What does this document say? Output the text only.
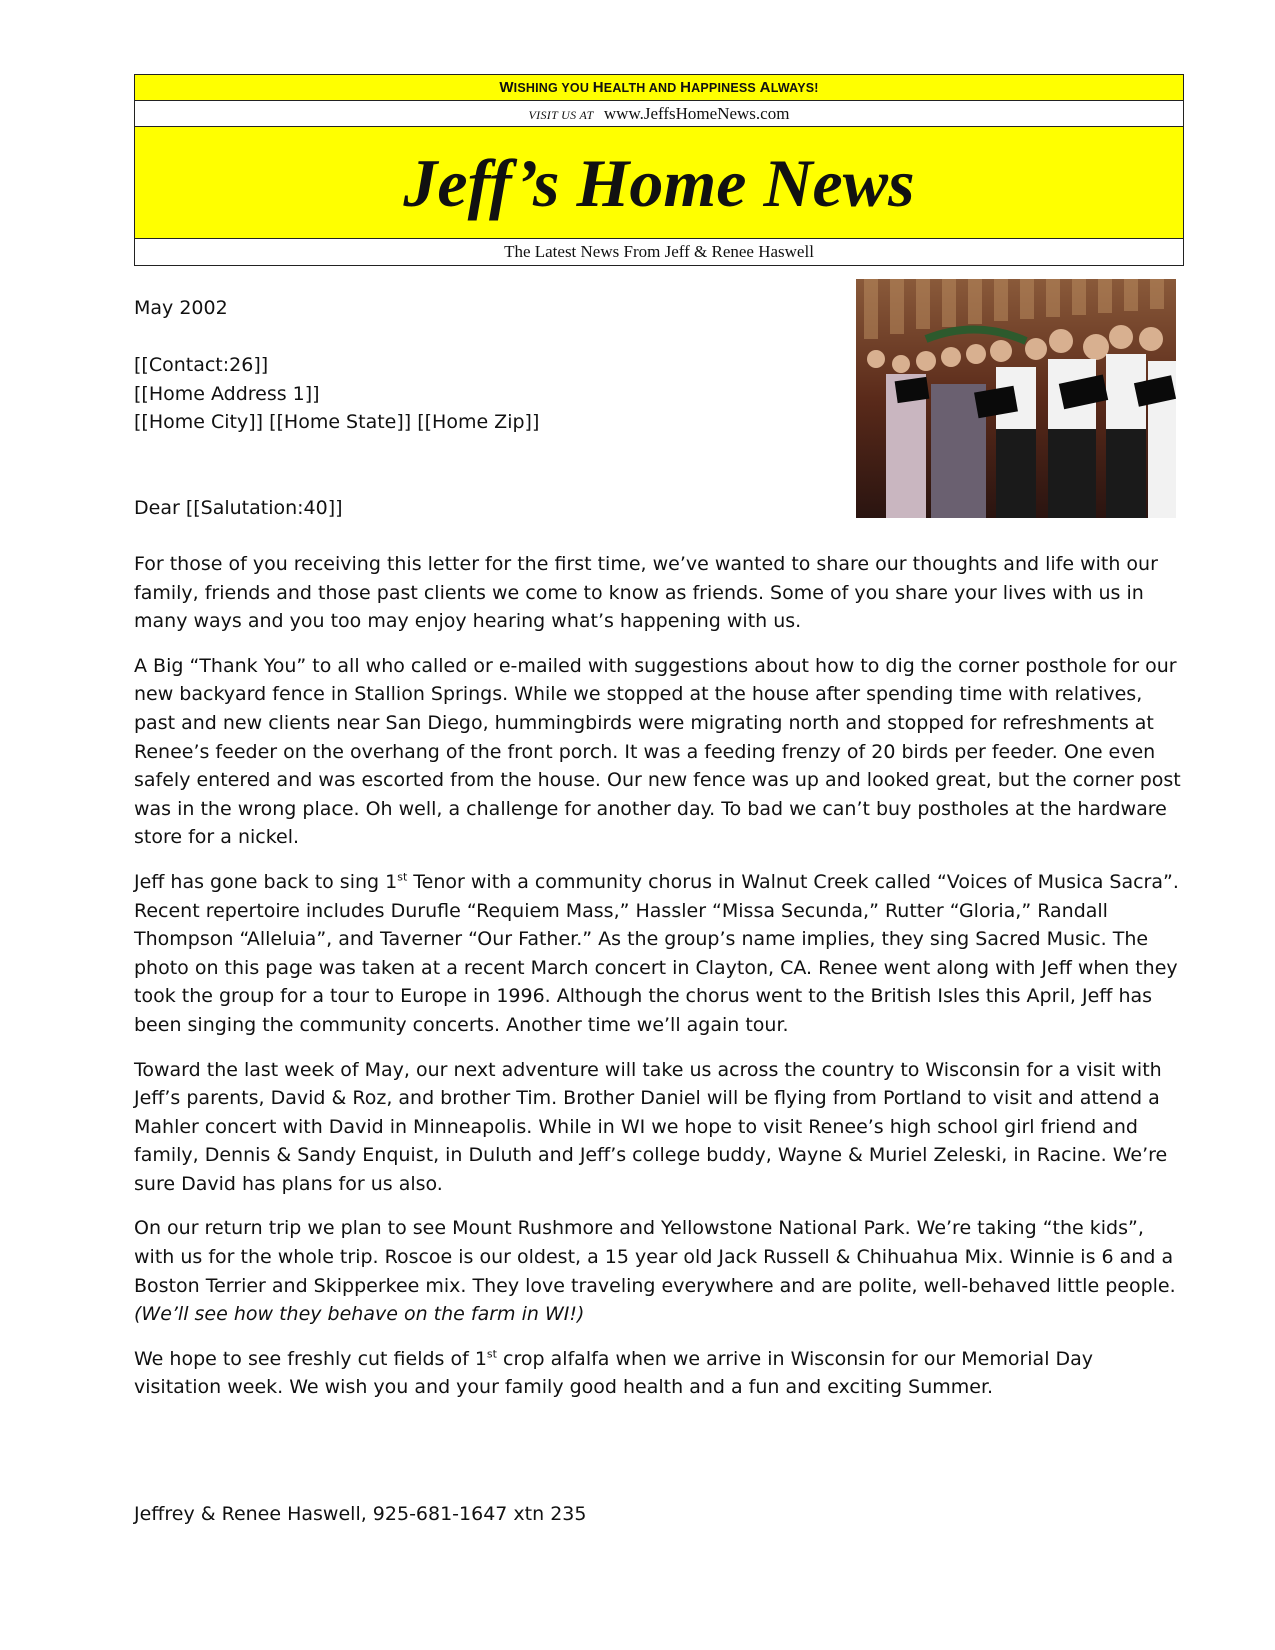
WISHING YOU HEALTH AND HAPPINESS ALWAYS!
VISIT US AT www.JeffsHomeNews.com
Jeff’s Home News
The Latest News From Jeff & Renee Haswell
May 2002
[[Contact:26]]
[[Home Address 1]]
[[Home City]] [[Home State]] [[Home Zip]]
Dear [[Salutation:40]]

For those of you receiving this letter for the first time, we’ve wanted to share our thoughts and life with our family, friends and those past clients we come to know as friends. Some of you share your lives with us in many ways and you too may enjoy hearing what’s happening with us.

A Big “Thank You” to all who called or e-mailed with suggestions about how to dig the corner posthole for our new backyard fence in Stallion Springs. While we stopped at the house after spending time with relatives, past and new clients near San Diego, hummingbirds were migrating north and stopped for refreshments at Renee’s feeder on the overhang of the front porch. It was a feeding frenzy of 20 birds per feeder. One even safely entered and was escorted from the house. Our new fence was up and looked great, but the corner post was in the wrong place. Oh well, a challenge for another day. To bad we can’t buy postholes at the hardware store for a nickel.

Jeff has gone back to sing 1st Tenor with a community chorus in Walnut Creek called “Voices of Musica Sacra”. Recent repertoire includes Durufle “Requiem Mass,” Hassler “Missa Secunda,” Rutter “Gloria,” Randall Thompson “Alleluia”, and Taverner “Our Father.” As the group’s name implies, they sing Sacred Music. The photo on this page was taken at a recent March concert in Clayton, CA. Renee went along with Jeff when they took the group for a tour to Europe in 1996. Although the chorus went to the British Isles this April, Jeff has been singing the community concerts. Another time we’ll again tour.

Toward the last week of May, our next adventure will take us across the country to Wisconsin for a visit with Jeff’s parents, David & Roz, and brother Tim. Brother Daniel will be flying from Portland to visit and attend a Mahler concert with David in Minneapolis. While in WI we hope to visit Renee’s high school girl friend and family, Dennis & Sandy Enquist, in Duluth and Jeff’s college buddy, Wayne & Muriel Zeleski, in Racine. We’re sure David has plans for us also.

On our return trip we plan to see Mount Rushmore and Yellowstone National Park. We’re taking “the kids”, with us for the whole trip. Roscoe is our oldest, a 15 year old Jack Russell & Chihuahua Mix. Winnie is 6 and a Boston Terrier and Skipperkee mix. They love traveling everywhere and are polite, well-behaved little people. (We’ll see how they behave on the farm in WI!)

We hope to see freshly cut fields of 1st crop alfalfa when we arrive in Wisconsin for our Memorial Day visitation week. We wish you and your family good health and a fun and exciting Summer.

Jeffrey & Renee Haswell, 925-681-1647 xtn 235
